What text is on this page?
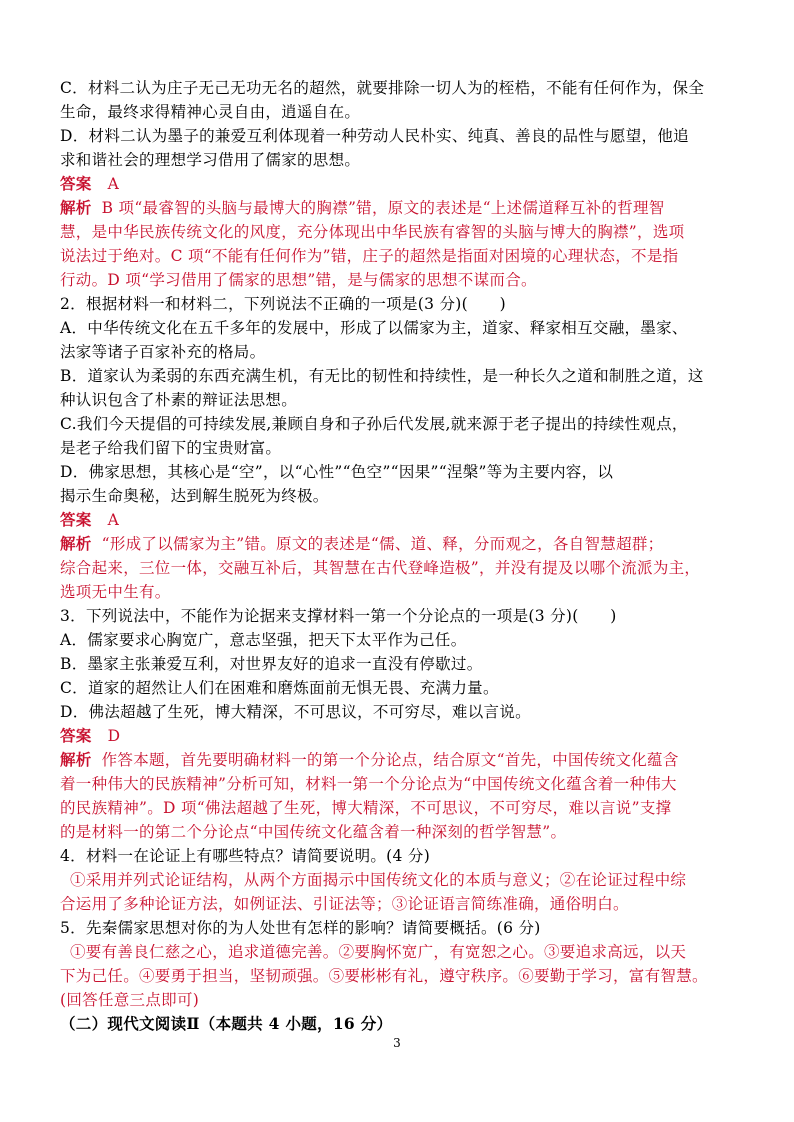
C．材料二认为庄子无己无功无名的超然，就要排除一切人为的桎梏，不能有任何作为，保全
生命，最终求得精神心灵自由，逍遥自在。
D．材料二认为墨子的兼爱互利体现着一种劳动人民朴实、纯真、善良的品性与愿望，他追
求和谐社会的理想学习借用了儒家的思想。
答案 A
解析 B 项“最睿智的头脑与最博大的胸襟”错，原文的表述是“上述儒道释互补的哲理智
慧，是中华民族传统文化的风度，充分体现出中华民族有睿智的头脑与博大的胸襟”，选项
说法过于绝对。C 项“不能有任何作为”错，庄子的超然是指面对困境的心理状态，不是指
行动。D 项“学习借用了儒家的思想”错，是与儒家的思想不谋而合。
2．根据材料一和材料二，下列说法不正确的一项是(3 分)(　　)
A．中华传统文化在五千多年的发展中，形成了以儒家为主，道家、释家相互交融，墨家、
法家等诸子百家补充的格局。
B．道家认为柔弱的东西充满生机，有无比的韧性和持续性，是一种长久之道和制胜之道，这
种认识包含了朴素的辩证法思想。
C.我们今天提倡的可持续发展,兼顾自身和子孙后代发展,就来源于老子提出的持续性观点，
是老子给我们留下的宝贵财富。
D．佛家思想，其核心是“空”，以“心性”“色空”“因果”“涅槃”等为主要内容，以
揭示生命奥秘，达到解生脱死为终极。
答案 A
解析 “形成了以儒家为主”错。原文的表述是“儒、道、释，分而观之，各自智慧超群；
综合起来，三位一体，交融互补后，其智慧在古代登峰造极”，并没有提及以哪个流派为主，
选项无中生有。
3．下列说法中，不能作为论据来支撑材料一第一个分论点的一项是(3 分)(　　)
A．儒家要求心胸宽广，意志坚强，把天下太平作为己任。
B．墨家主张兼爱互利，对世界友好的追求一直没有停歇过。
C．道家的超然让人们在困难和磨炼面前无惧无畏、充满力量。
D．佛法超越了生死，博大精深，不可思议，不可穷尽，难以言说。
答案 D
解析 作答本题，首先要明确材料一的第一个分论点，结合原文“首先，中国传统文化蕴含
着一种伟大的民族精神”分析可知，材料一第一个分论点为“中国传统文化蕴含着一种伟大
的民族精神”。D 项“佛法超越了生死，博大精深，不可思议，不可穷尽，难以言说”支撑
的是材料一的第二个分论点“中国传统文化蕴含着一种深刻的哲学智慧”。
4．材料一在论证上有哪些特点？请简要说明。(4 分)
①采用并列式论证结构，从两个方面揭示中国传统文化的本质与意义；②在论证过程中综
合运用了多种论证方法，如例证法、引证法等；③论证语言简练准确，通俗明白。
5．先秦儒家思想对你的为人处世有怎样的影响？请简要概括。(6 分)
①要有善良仁慈之心，追求道德完善。②要胸怀宽广，有宽恕之心。③要追求高远，以天
下为己任。④要勇于担当，坚韧顽强。⑤要彬彬有礼，遵守秩序。⑥要勤于学习，富有智慧。
(回答任意三点即可)
（二）现代文阅读Ⅱ（本题共 4 小题，16 分）
3
